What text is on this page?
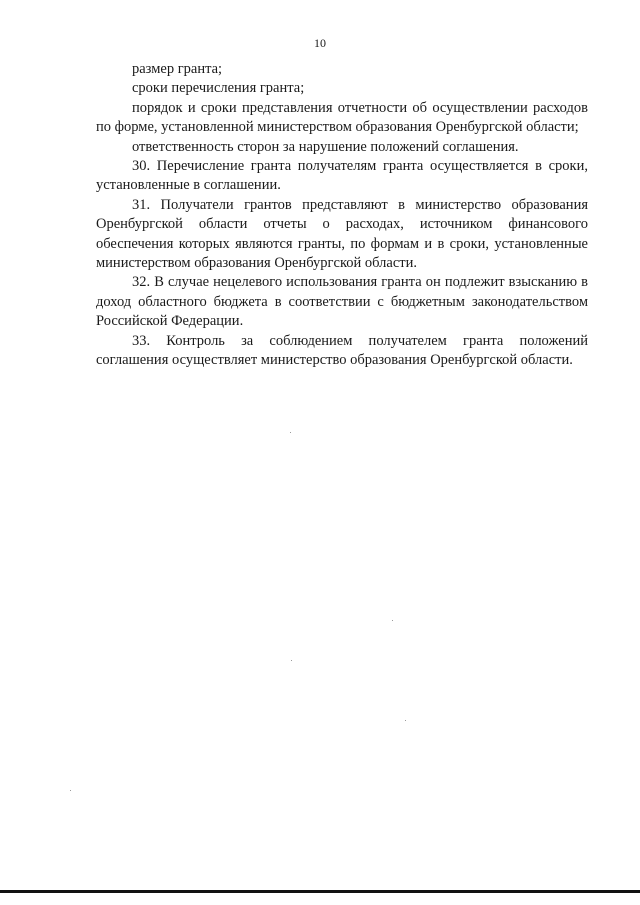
10

размер гранта;

сроки перечисления гранта;

порядок и сроки представления отчетности об осуществлении расходов по форме, установленной министерством образования Оренбургской области;

ответственность сторон за нарушение положений соглашения.

30. Перечисление гранта получателям гранта осуществляется в сроки, установленные в соглашении.

31. Получатели грантов представляют в министерство образования Оренбургской области отчеты о расходах, источником финансового обеспечения которых являются гранты, по формам и в сроки, установленные министерством образования Оренбургской области.

32. В случае нецелевого использования гранта он подлежит взысканию в доход областного бюджета в соответствии с бюджетным законодательством Российской Федерации.

33. Контроль за соблюдением получателем гранта положений соглашения осуществляет министерство образования Оренбургской области.
